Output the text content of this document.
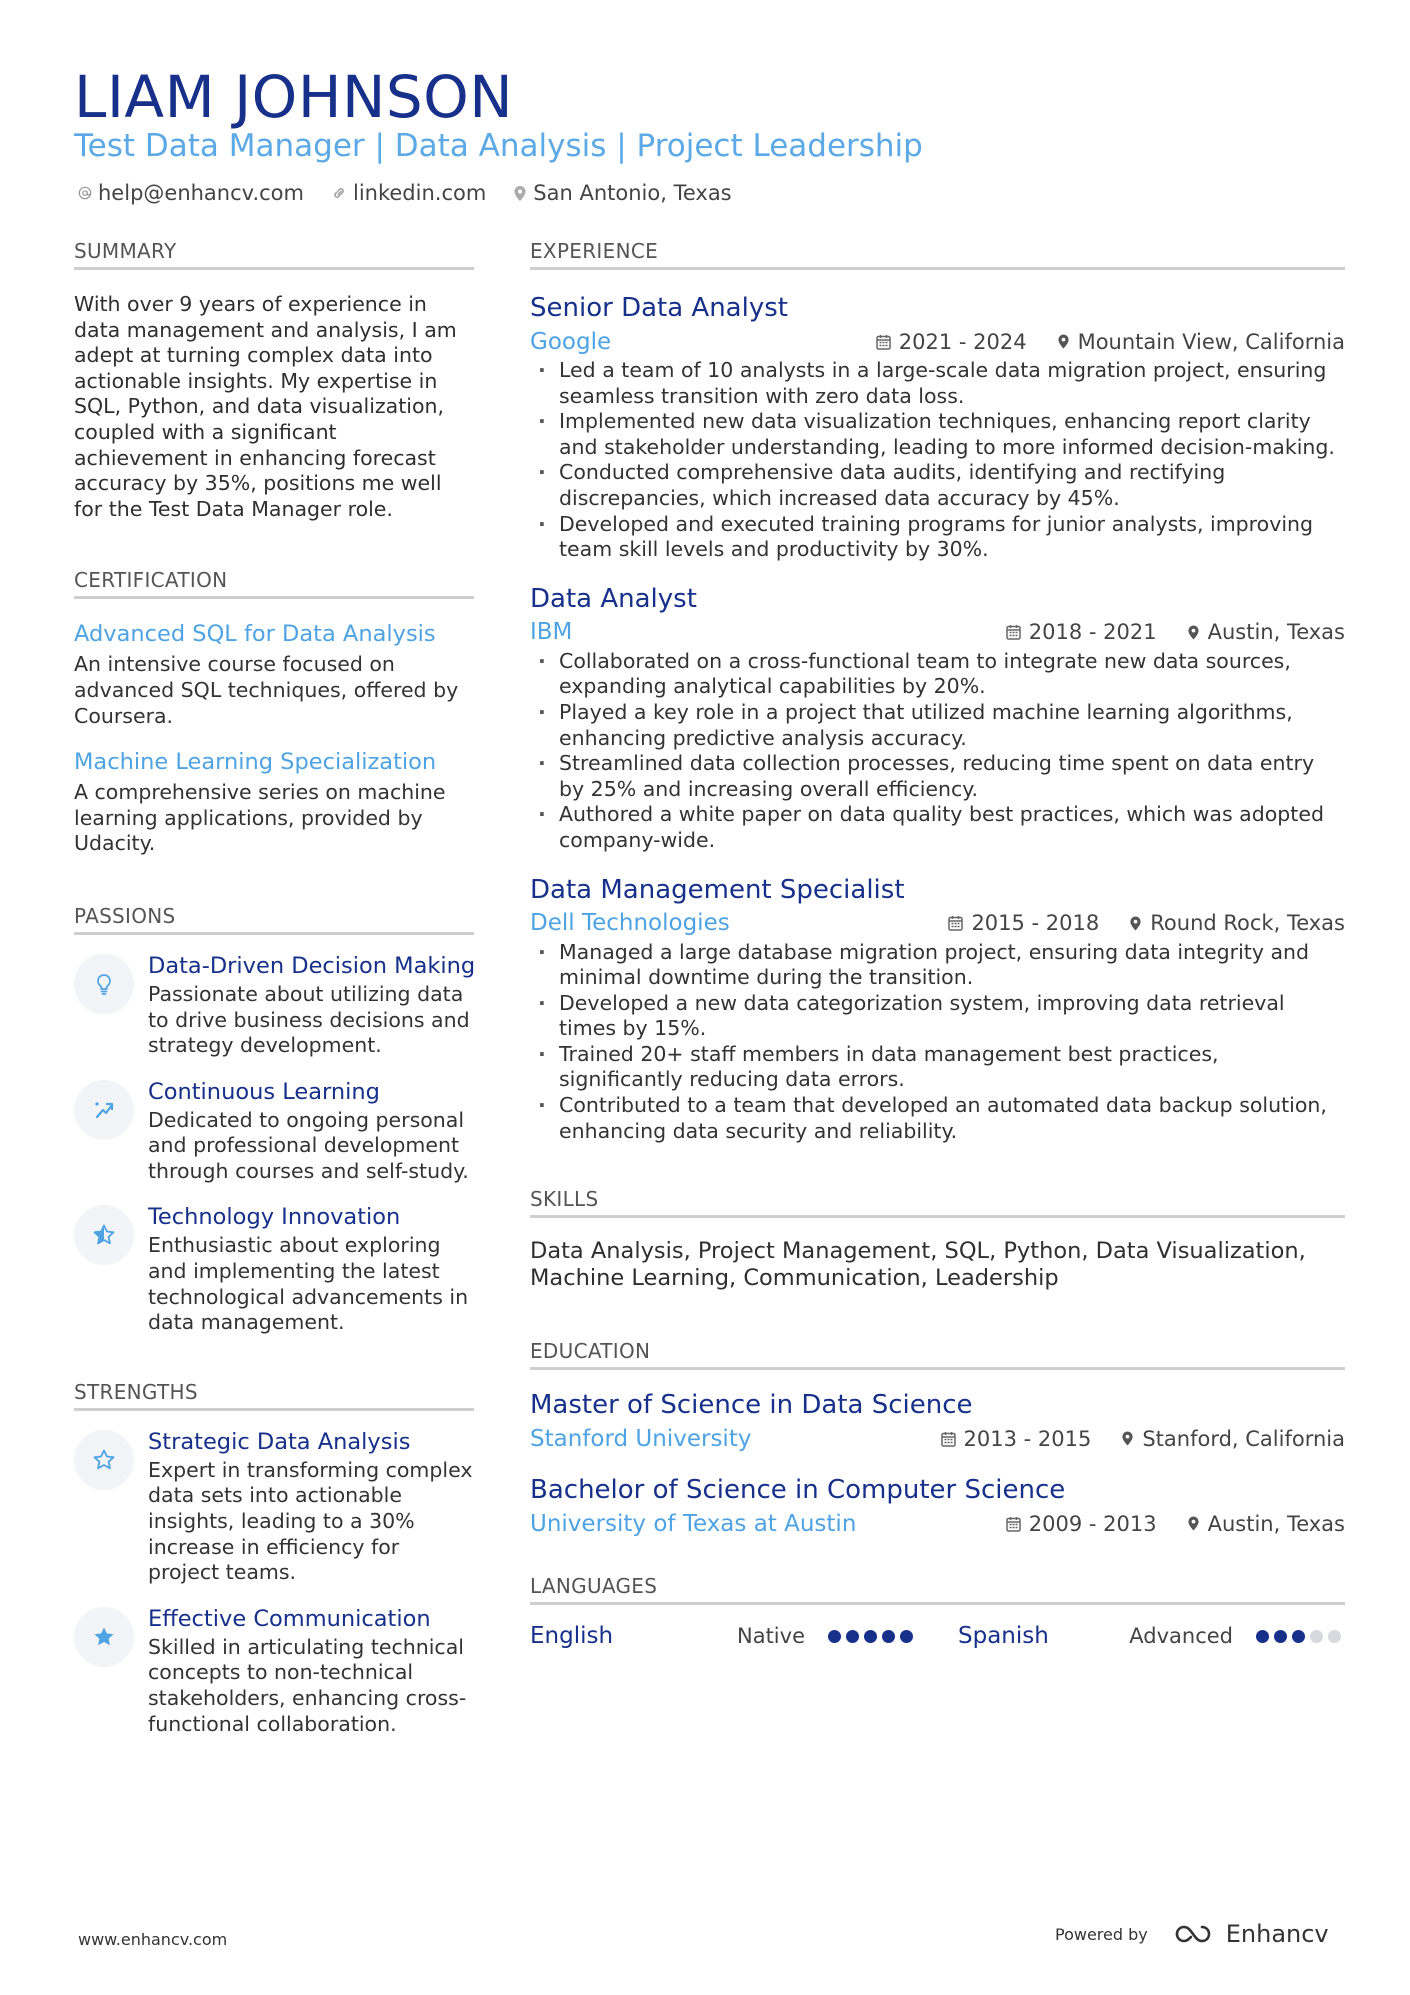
LIAM JOHNSON
Test Data Manager | Data Analysis | Project Leadership
help@enhancv.com linkedin.com San Antonio, Texas
SUMMARY
With over 9 years of experience in data management and analysis, I am adept at turning complex data into actionable insights. My expertise in SQL, Python, and data visualization, coupled with a significant achievement in enhancing forecast accuracy by 35%, positions me well for the Test Data Manager role.
CERTIFICATION
Advanced SQL for Data Analysis
An intensive course focused on advanced SQL techniques, offered by Coursera.
Machine Learning Specialization
A comprehensive series on machine learning applications, provided by Udacity.
PASSIONS
Data-Driven Decision Making
Passionate about utilizing data to drive business decisions and strategy development.
Continuous Learning
Dedicated to ongoing personal and professional development through courses and self-study.
Technology Innovation
Enthusiastic about exploring and implementing the latest technological advancements in data management.
STRENGTHS
Strategic Data Analysis
Expert in transforming complex data sets into actionable insights, leading to a 30% increase in efficiency for project teams.
Effective Communication
Skilled in articulating technical concepts to non-technical stakeholders, enhancing cross-functional collaboration.
EXPERIENCE
Senior Data Analyst
Google	2021 - 2024 Mountain View, California
· Led a team of 10 analysts in a large-scale data migration project, ensuring seamless transition with zero data loss.
· Implemented new data visualization techniques, enhancing report clarity and stakeholder understanding, leading to more informed decision-making.
· Conducted comprehensive data audits, identifying and rectifying discrepancies, which increased data accuracy by 45%.
· Developed and executed training programs for junior analysts, improving team skill levels and productivity by 30%.
Data Analyst
IBM	2018 - 2021 Austin, Texas
· Collaborated on a cross-functional team to integrate new data sources, expanding analytical capabilities by 20%.
· Played a key role in a project that utilized machine learning algorithms, enhancing predictive analysis accuracy.
· Streamlined data collection processes, reducing time spent on data entry by 25% and increasing overall efficiency.
· Authored a white paper on data quality best practices, which was adopted company-wide.
Data Management Specialist
Dell Technologies	2015 - 2018 Round Rock, Texas
· Managed a large database migration project, ensuring data integrity and minimal downtime during the transition.
· Developed a new data categorization system, improving data retrieval times by 15%.
· Trained 20+ staff members in data management best practices, significantly reducing data errors.
· Contributed to a team that developed an automated data backup solution, enhancing data security and reliability.
SKILLS
Data Analysis, Project Management, SQL, Python, Data Visualization, Machine Learning, Communication, Leadership
EDUCATION
Master of Science in Data Science
Stanford University	2013 - 2015 Stanford, California
Bachelor of Science in Computer Science
University of Texas at Austin	2009 - 2013 Austin, Texas
LANGUAGES
English	Native	Spanish	Advanced
www.enhancv.com	Powered by	Enhancv
